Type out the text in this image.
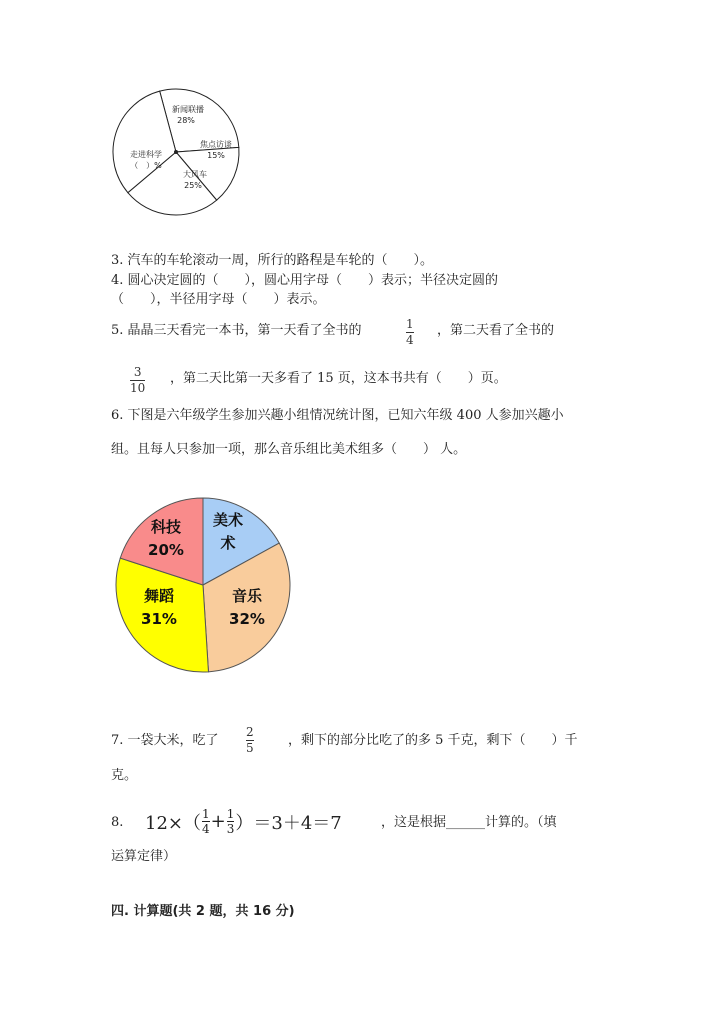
新闻联播
28%
焦点访谈
15%
大风车
25%
走进科学
（　）%
3. 汽车的车轮滚动一周，所行的路程是车轮的（　　）。
4. 圆心决定圆的（　　），圆心用字母（　　）表示；半径决定圆的
（　　），半径用字母（　　）表示。
5. 晶晶三天看完一本书，第一天看了全书的	1
4
，第二天看了全书的
3
10
，第二天比第一天多看了 15 页，这本书共有（　　）页。
6. 下图是六年级学生参加兴趣小组情况统计图，已知六年级 400 人参加兴趣小
组。且每人只参加一项，那么音乐组比美术组多（　　） 人。
美术
术
音乐
32%
舞蹈
31%
科技
20%
7. 一袋大米，吃了
2
5	，剩下的部分比吃了的多 5 千克，剩下（　　）千
克。
8. 12×（ 1
4 + 1
3 ）＝3＋4＝7	，这是根据______计算的。（填
运算定律）
四. 计算题(共 2 题，共 16 分)
